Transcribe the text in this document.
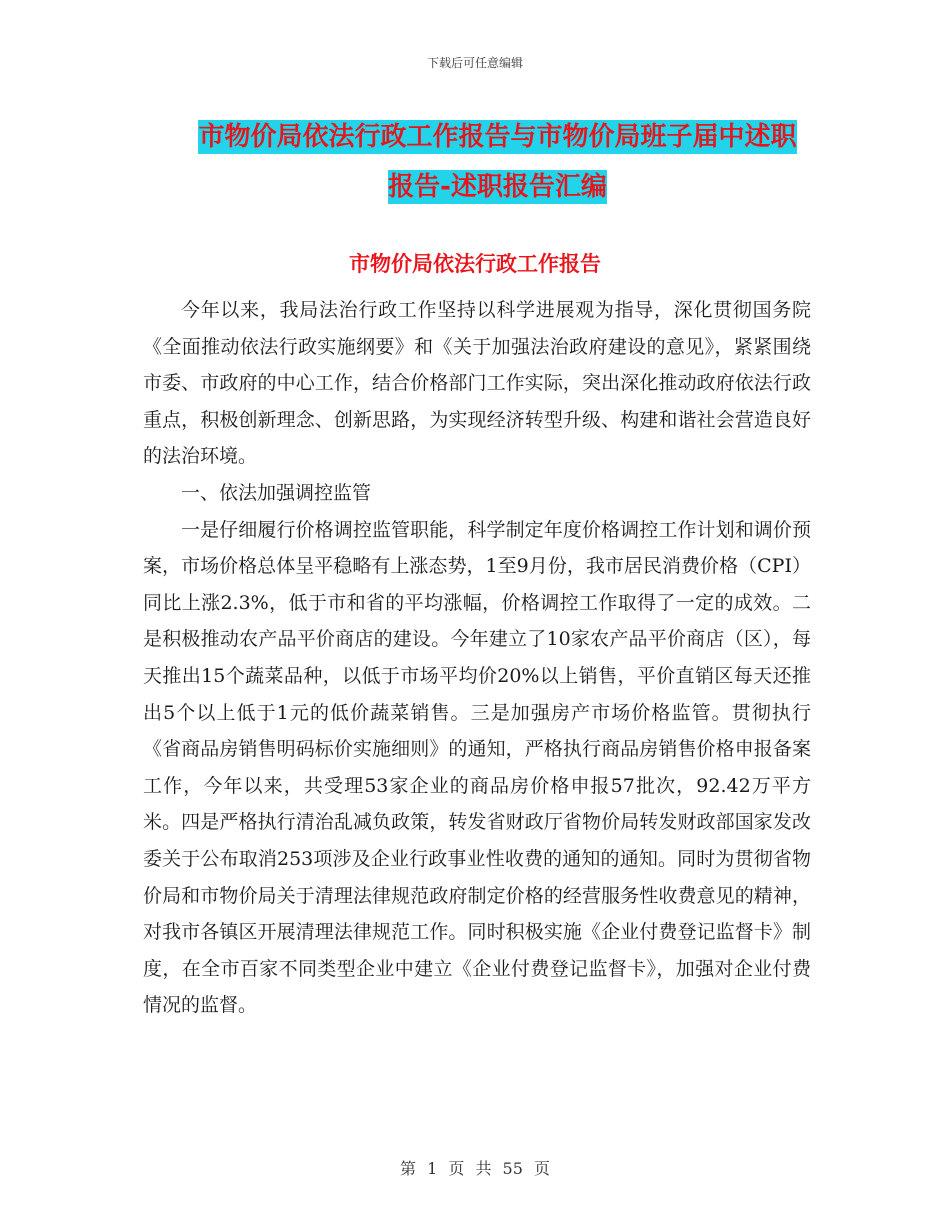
下载后可任意编辑
市物价局依法行政工作报告与市物价局班子届中述职报告-述职报告汇编
市物价局依法行政工作报告

今年以来，我局法治行政工作坚持以科学进展观为指导，深化贯彻国务院《全面推动依法行政实施纲要》和《关于加强法治政府建设的意见》，紧紧围绕市委、市政府的中心工作，结合价格部门工作实际，突出深化推动政府依法行政重点，积极创新理念、创新思路，为实现经济转型升级、构建和谐社会营造良好的法治环境。

一、依法加强调控监管

一是仔细履行价格调控监管职能，科学制定年度价格调控工作计划和调价预案，市场价格总体呈平稳略有上涨态势，1至9月份，我市居民消费价格（CPI）同比上涨2.3%，低于市和省的平均涨幅，价格调控工作取得了一定的成效。二是积极推动农产品平价商店的建设。今年建立了10家农产品平价商店（区），每天推出15个蔬菜品种，以低于市场平均价20%以上销售，平价直销区每天还推出5个以上低于1元的低价蔬菜销售。三是加强房产市场价格监管。贯彻执行《省商品房销售明码标价实施细则》的通知，严格执行商品房销售价格申报备案工作，今年以来，共受理53家企业的商品房价格申报57批次，92.42万平方米。四是严格执行清治乱减负政策，转发省财政厅省物价局转发财政部国家发改委关于公布取消253项涉及企业行政事业性收费的通知的通知。同时为贯彻省物价局和市物价局关于清理法律规范政府制定价格的经营服务性收费意见的精神，对我市各镇区开展清理法律规范工作。同时积极实施《企业付费登记监督卡》制度，在全市百家不同类型企业中建立《企业付费登记监督卡》，加强对企业付费情况的监督。

第 1 页 共 55 页
